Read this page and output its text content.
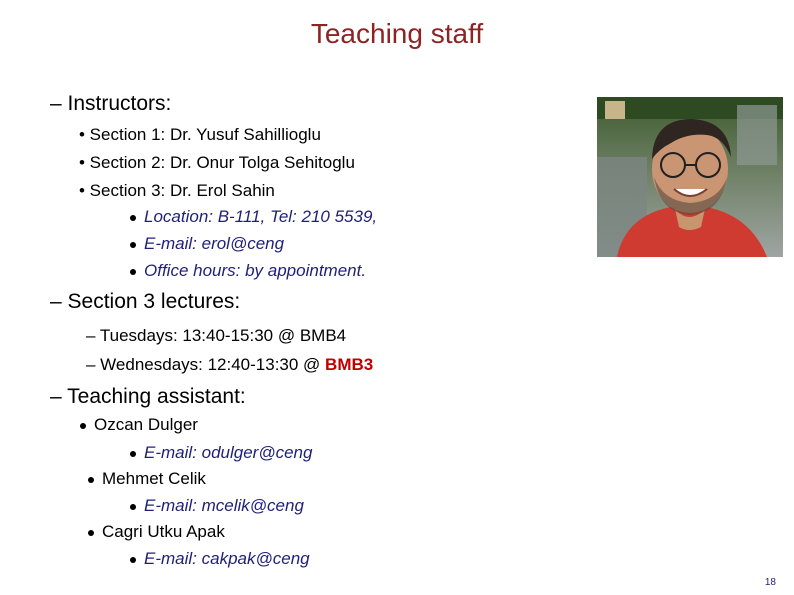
Teaching staff
– Instructors:
• Section 1: Dr. Yusuf Sahillioglu
• Section 2: Dr. Onur Tolga Sehitoglu
• Section 3: Dr. Erol Sahin
Location: B-111, Tel: 210 5539,
E-mail: erol@ceng
Office hours: by appointment.
– Section 3 lectures:
– Tuesdays: 13:40-15:30 @ BMB4
– Wednesdays: 12:40-13:30 @ BMB3
– Teaching assistant:
Ozcan Dulger
E-mail: odulger@ceng
Mehmet Celik
E-mail: mcelik@ceng
Cagri Utku Apak
E-mail: cakpak@ceng
18
